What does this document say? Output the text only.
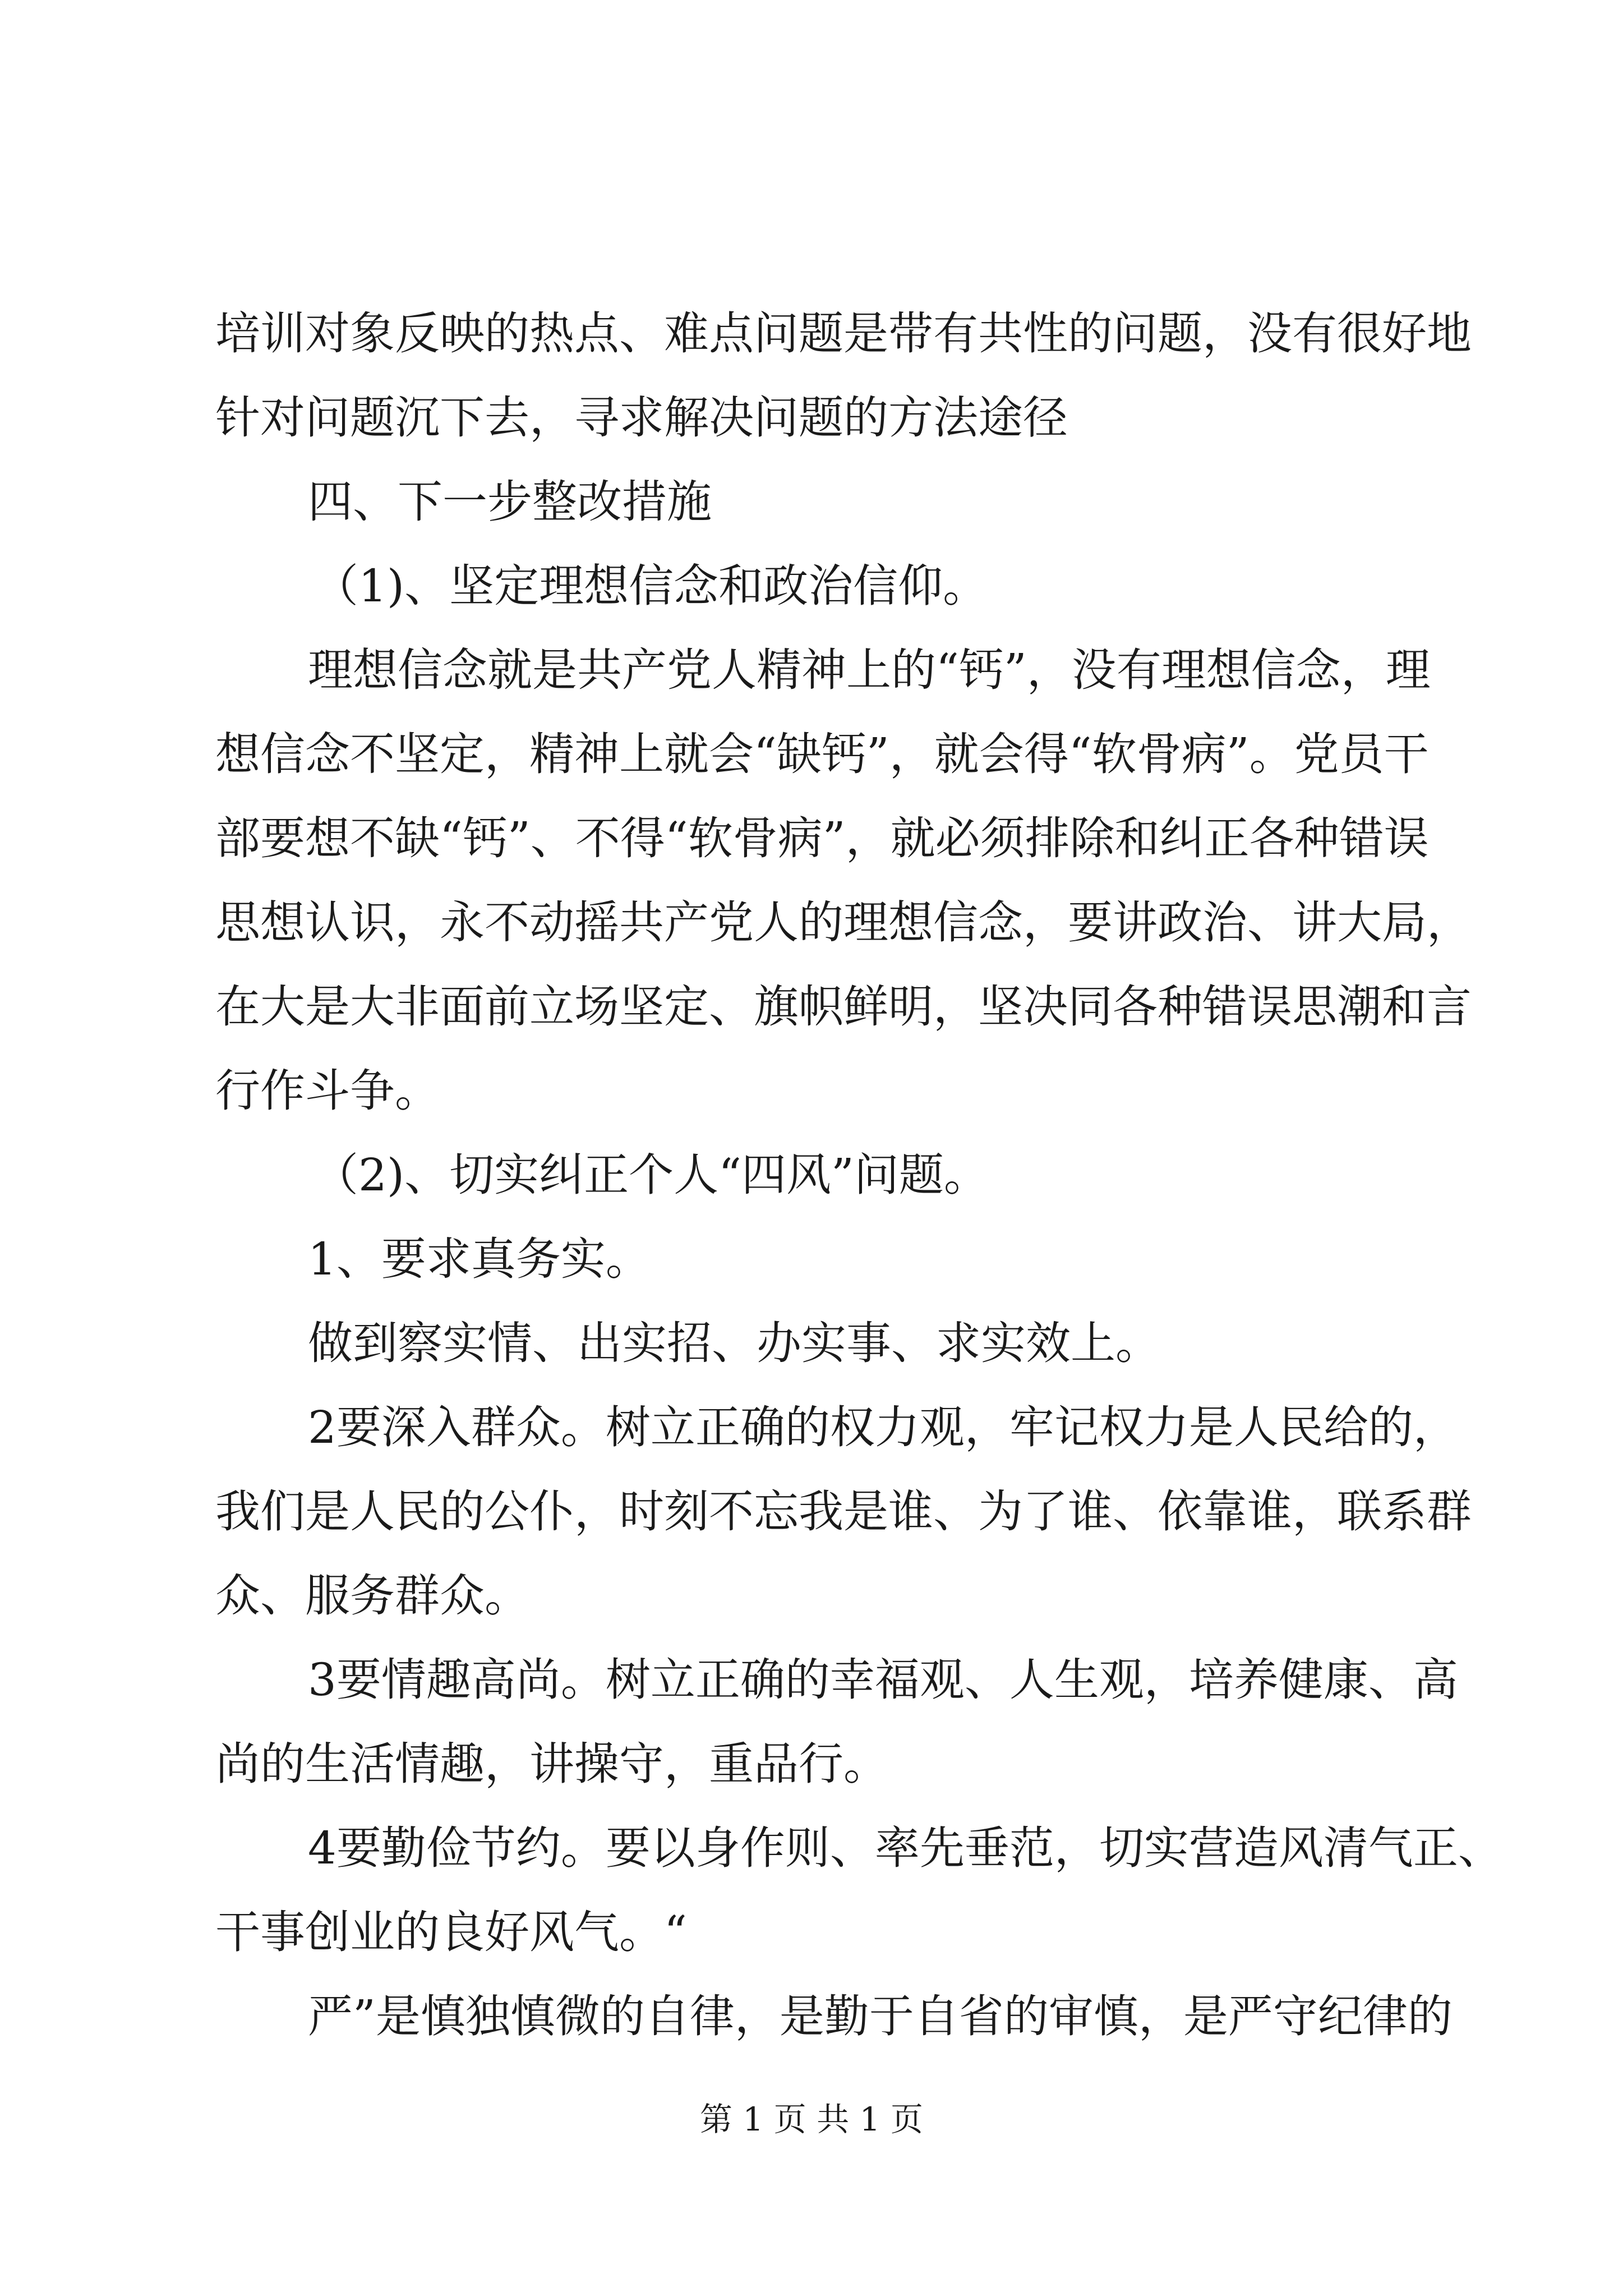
培训对象反映的热点、难点问题是带有共性的问题，没有很好地
针对问题沉下去，寻求解决问题的方法途径
四、下一步整改措施
（1)、坚定理想信念和政治信仰。
理想信念就是共产党人精神上的“钙”，没有理想信念，理
想信念不坚定，精神上就会“缺钙”，就会得“软骨病”。党员干
部要想不缺“钙”、不得“软骨病”，就必须排除和纠正各种错误
思想认识，永不动摇共产党人的理想信念，要讲政治、讲大局，
在大是大非面前立场坚定、旗帜鲜明，坚决同各种错误思潮和言
行作斗争。
（2)、切实纠正个人“四风”问题。
1、要求真务实。
做到察实情、出实招、办实事、求实效上。
2要深入群众。树立正确的权力观，牢记权力是人民给的，
我们是人民的公仆，时刻不忘我是谁、为了谁、依靠谁，联系群
众、服务群众。
3要情趣高尚。树立正确的幸福观、人生观，培养健康、高
尚的生活情趣，讲操守，重品行。
4要勤俭节约。要以身作则、率先垂范，切实营造风清气正、
干事创业的良好风气。“
严”是慎独慎微的自律，是勤于自省的审慎，是严守纪律的
第 1 页 共 1 页
